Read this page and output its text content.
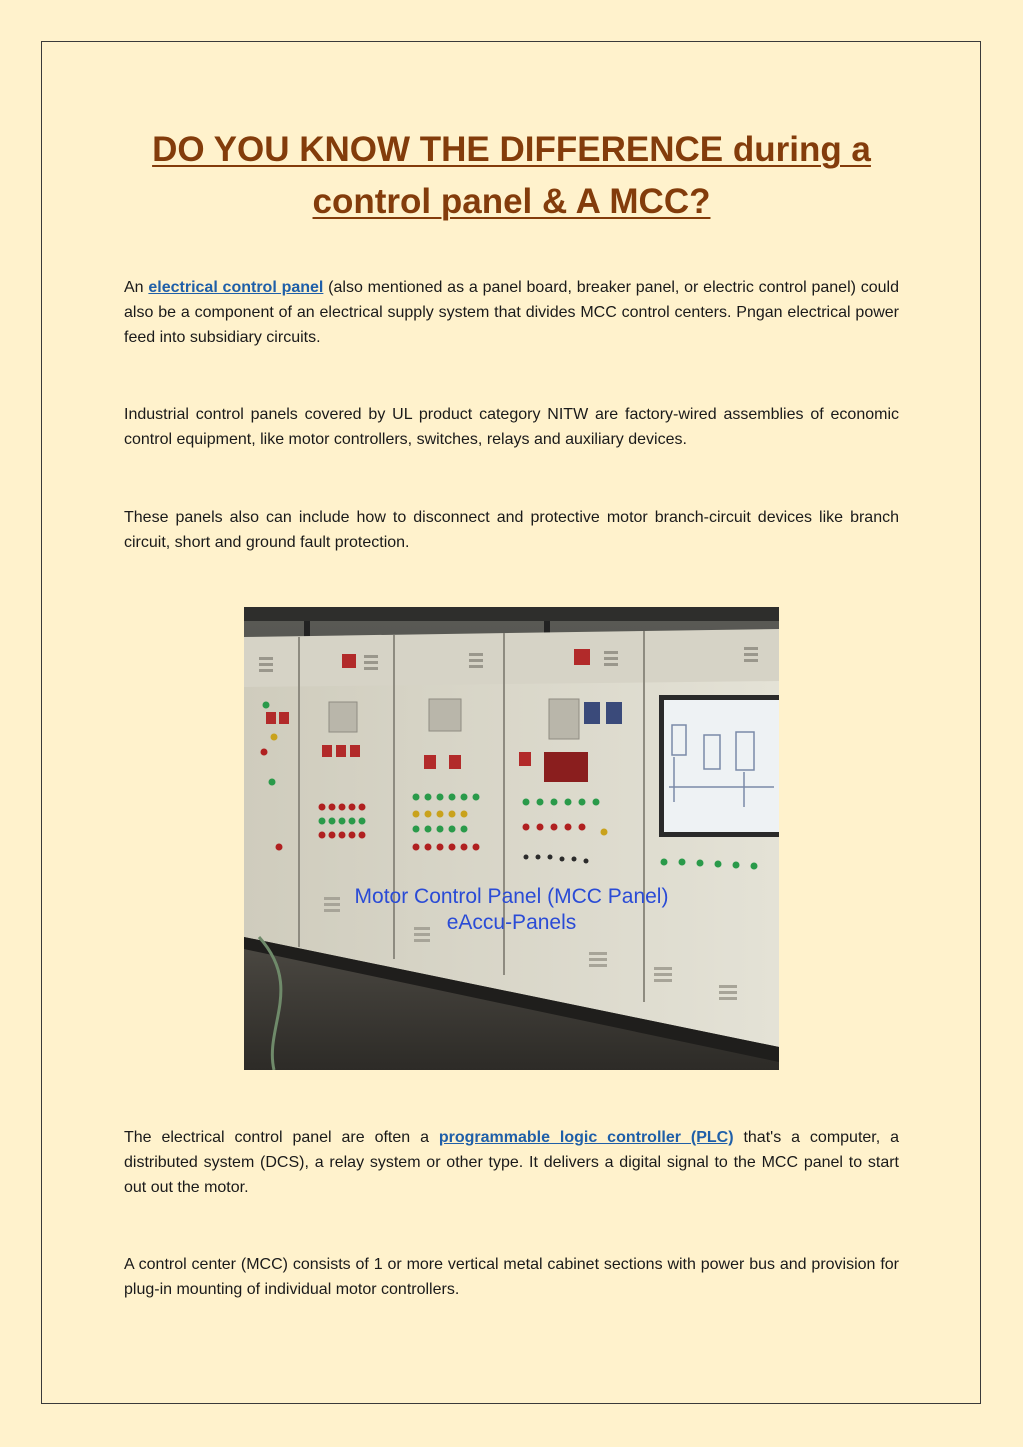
DO YOU KNOW THE DIFFERENCE during a control panel & A MCC?

An electrical control panel (also mentioned as a panel board, breaker panel, or electric control panel) could also be a component of an electrical supply system that divides MCC control centers. Pngan electrical power feed into subsidiary circuits.

Industrial control panels covered by UL product category NITW are factory-wired assemblies of economic control equipment, like motor controllers, switches, relays and auxiliary devices.

These panels also can include how to disconnect and protective motor branch-circuit devices like branch circuit, short and ground fault protection.

Motor Control Panel (MCC Panel)
eAccu-Panels

The electrical control panel are often a programmable logic controller (PLC) that's a computer, a distributed system (DCS), a relay system or other type. It delivers a digital signal to the MCC panel to start out out the motor.

A control center (MCC) consists of 1 or more vertical metal cabinet sections with power bus and provision for plug-in mounting of individual motor controllers.
